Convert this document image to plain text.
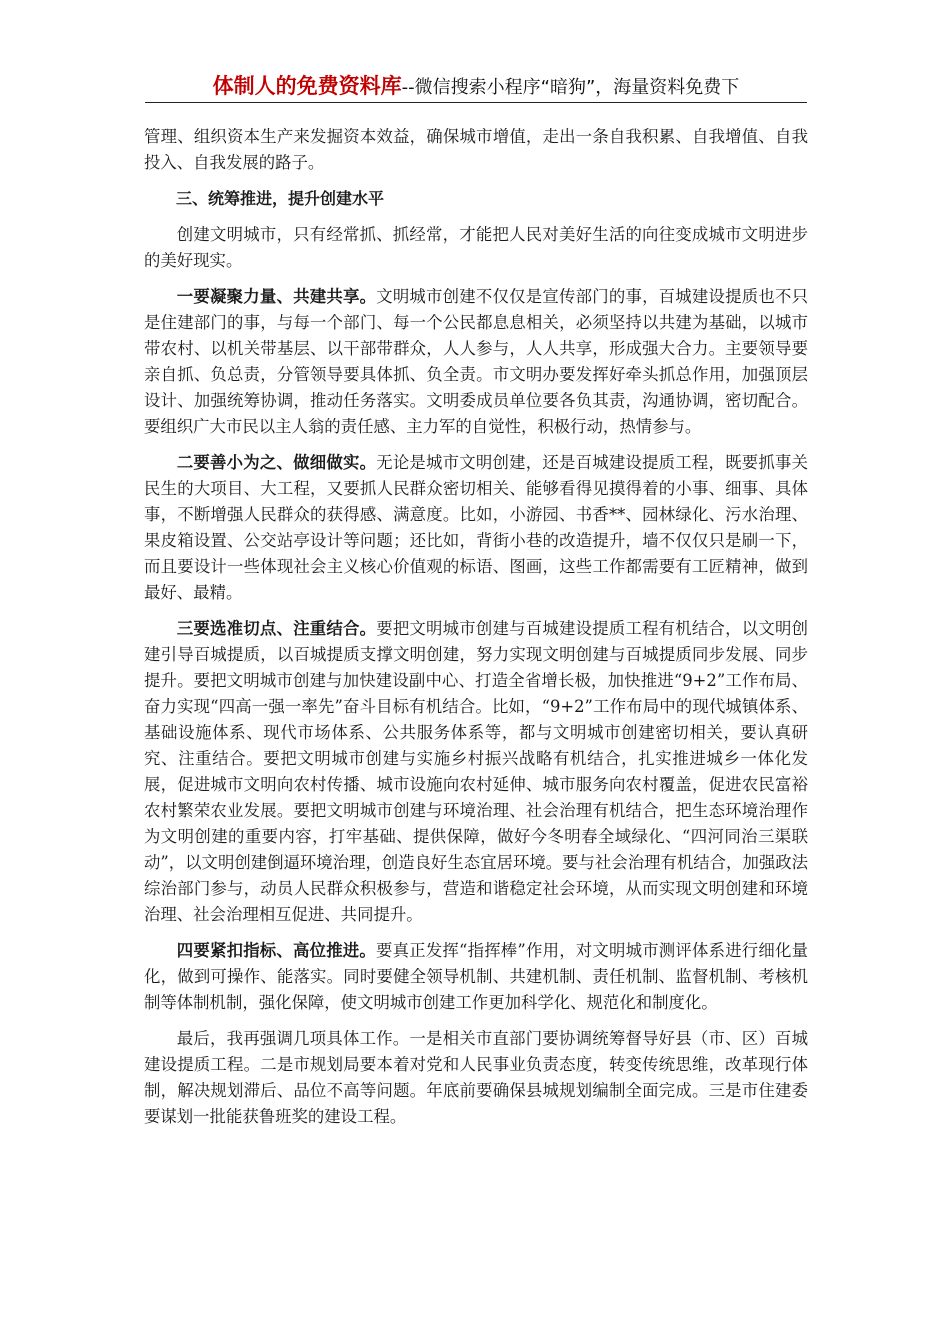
体制人的免费资料库--微信搜索小程序“暗狗”，海量资料免费下

管理、组织资本生产来发掘资本效益，确保城市增值，走出一条自我积累、自我增值、自我投入、自我发展的路子。

三、统筹推进，提升创建水平

创建文明城市，只有经常抓、抓经常，才能把人民对美好生活的向往变成城市文明进步的美好现实。

一要凝聚力量、共建共享。文明城市创建不仅仅是宣传部门的事，百城建设提质也不只是住建部门的事，与每一个部门、每一个公民都息息相关，必须坚持以共建为基础，以城市带农村、以机关带基层、以干部带群众，人人参与，人人共享，形成强大合力。主要领导要亲自抓、负总责，分管领导要具体抓、负全责。市文明办要发挥好牵头抓总作用，加强顶层设计、加强统筹协调，推动任务落实。文明委成员单位要各负其责，沟通协调，密切配合。要组织广大市民以主人翁的责任感、主力军的自觉性，积极行动，热情参与。

二要善小为之、做细做实。无论是城市文明创建，还是百城建设提质工程，既要抓事关民生的大项目、大工程，又要抓人民群众密切相关、能够看得见摸得着的小事、细事、具体事，不断增强人民群众的获得感、满意度。比如，小游园、书香**、园林绿化、污水治理、果皮箱设置、公交站亭设计等问题；还比如，背街小巷的改造提升，墙不仅仅只是刷一下，而且要设计一些体现社会主义核心价值观的标语、图画，这些工作都需要有工匠精神，做到最好、最精。

三要选准切点、注重结合。要把文明城市创建与百城建设提质工程有机结合，以文明创建引导百城提质，以百城提质支撑文明创建，努力实现文明创建与百城提质同步发展、同步提升。要把文明城市创建与加快建设副中心、打造全省增长极，加快推进“9+2”工作布局、奋力实现“四高一强一率先”奋斗目标有机结合。比如，“9+2”工作布局中的现代城镇体系、基础设施体系、现代市场体系、公共服务体系等，都与文明城市创建密切相关，要认真研究、注重结合。要把文明城市创建与实施乡村振兴战略有机结合，扎实推进城乡一体化发展，促进城市文明向农村传播、城市设施向农村延伸、城市服务向农村覆盖，促进农民富裕农村繁荣农业发展。要把文明城市创建与环境治理、社会治理有机结合，把生态环境治理作为文明创建的重要内容，打牢基础、提供保障，做好今冬明春全域绿化、“四河同治三渠联动”，以文明创建倒逼环境治理，创造良好生态宜居环境。要与社会治理有机结合，加强政法综治部门参与，动员人民群众积极参与，营造和谐稳定社会环境，从而实现文明创建和环境治理、社会治理相互促进、共同提升。

四要紧扣指标、高位推进。要真正发挥“指挥棒”作用，对文明城市测评体系进行细化量化，做到可操作、能落实。同时要健全领导机制、共建机制、责任机制、监督机制、考核机制等体制机制，强化保障，使文明城市创建工作更加科学化、规范化和制度化。

最后，我再强调几项具体工作。一是相关市直部门要协调统筹督导好县（市、区）百城建设提质工程。二是市规划局要本着对党和人民事业负责态度，转变传统思维，改革现行体制，解决规划滞后、品位不高等问题。年底前要确保县城规划编制全面完成。三是市住建委要谋划一批能获鲁班奖的建设工程。
